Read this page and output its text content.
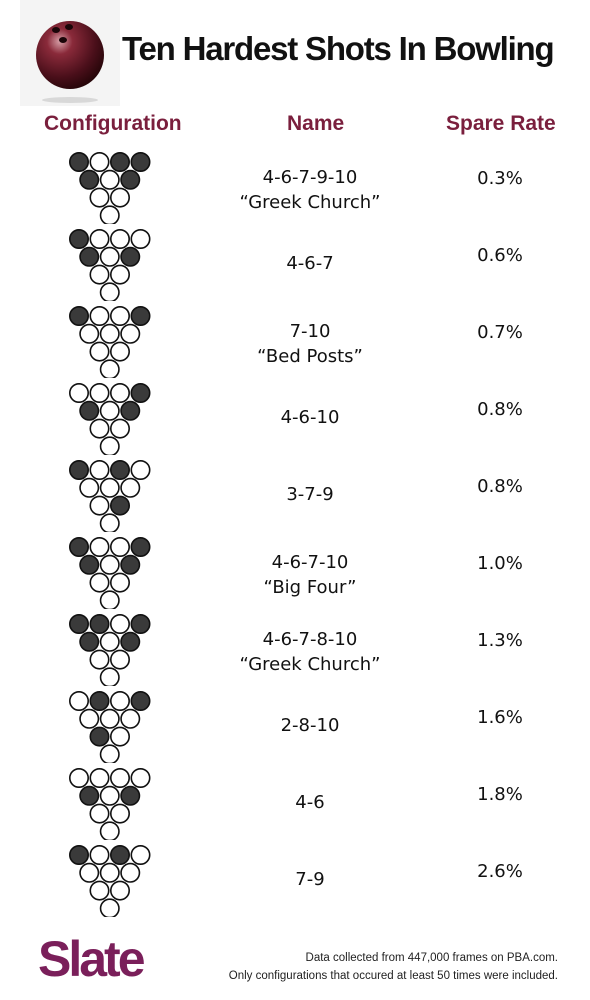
Ten Hardest Shots In Bowling
Configuration	Name	Spare Rate
4-6-7-9-10
“Greek Church”
0.3%
4-6-7	0.6%
7-10
“Bed Posts”
0.7%
4-6-10	0.8%
3-7-9	0.8%
4-6-7-10
“Big Four”
1.0%
4-6-7-8-10
“Greek Church”
1.3%
2-8-10	1.6%
4-6	1.8%
7-9	2.6%
Slate	Data collected from 447,000 frames on PBA.com.
Only configurations that occured at least 50 times were included.
